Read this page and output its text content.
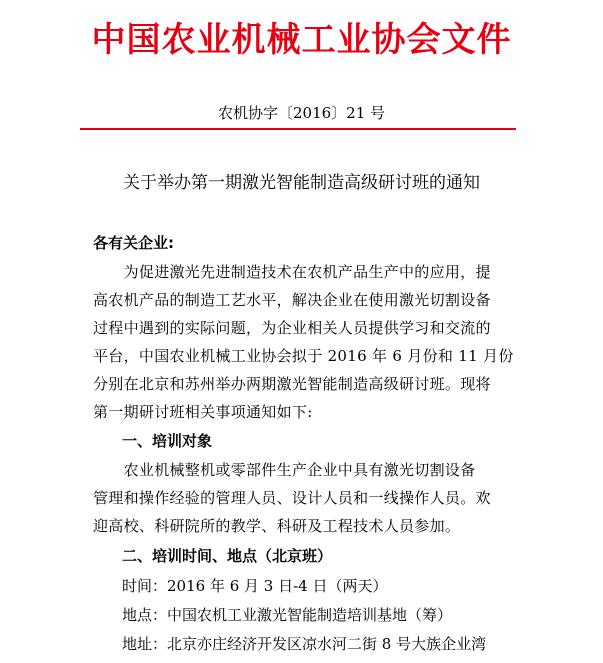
中国农业机械工业协会文件
农机协字〔2016〕21 号
关于举办第一期激光智能制造高级研讨班的通知
各有关企业:
　　为促进激光先进制造技术在农机产品生产中的应用，提
高农机产品的制造工艺水平，解决企业在使用激光切割设备
过程中遇到的实际问题，为企业相关人员提供学习和交流的
平台，中国农业机械工业协会拟于 2016 年 6 月份和 11 月份
分别在北京和苏州举办两期激光智能制造高级研讨班。现将
第一期研讨班相关事项通知如下:
一、培训对象
　　农业机械整机或零部件生产企业中具有激光切割设备
管理和操作经验的管理人员、设计人员和一线操作人员。欢
迎高校、科研院所的教学、科研及工程技术人员参加。
二、培训时间、地点（北京班）
时间：2016 年 6 月 3 日-4 日（两天）
地点：中国农机工业激光智能制造培训基地（筹）
地址：北京亦庄经济开发区凉水河二街 8 号大族企业湾
